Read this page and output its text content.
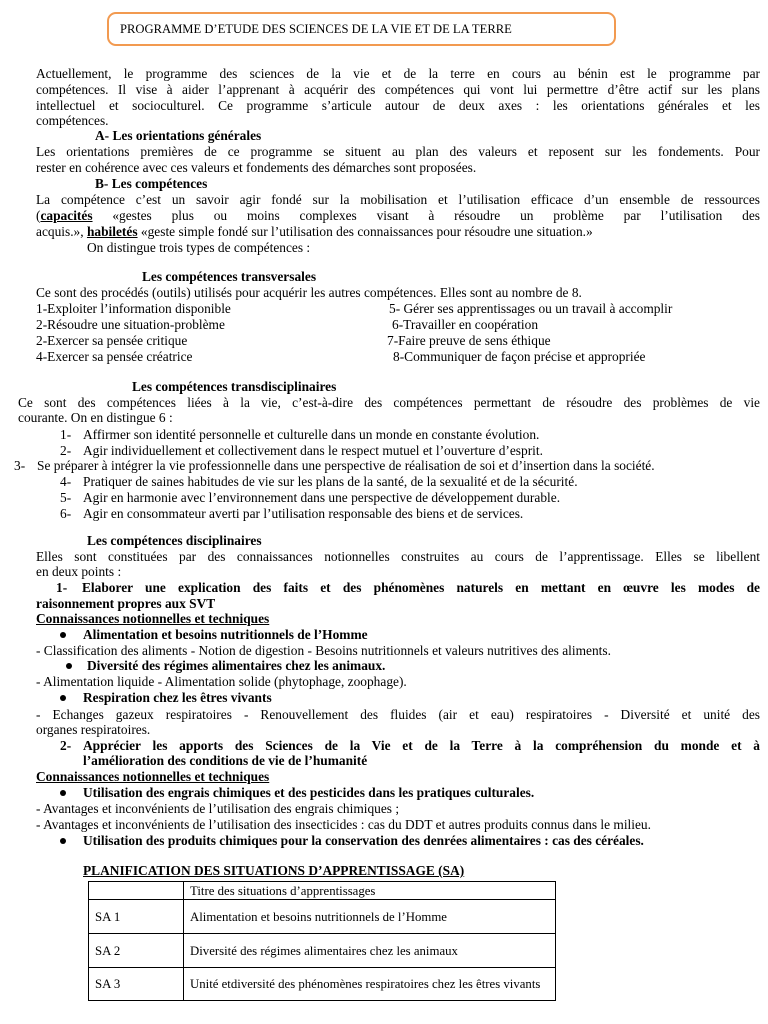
PROGRAMME D’ETUDE DES SCIENCES DE LA VIE ET DE LA TERRE
Actuellement, le programme des sciences de la vie et de la terre en cours au bénin est le programme par
compétences. Il vise à aider l’apprenant à acquérir des compétences qui vont lui permettre d’être actif sur les plans
intellectuel et socioculturel. Ce programme s’articule autour de deux axes : les orientations générales et les
compétences.
A- Les orientations générales
Les orientations premières de ce programme se situent au plan des valeurs et reposent sur les fondements. Pour
rester en cohérence avec ces valeurs et fondements des démarches sont proposées.
B- Les compétences
La compétence c’est un savoir agir fondé sur la mobilisation et l’utilisation efficace d’un ensemble de ressources
(capacités «gestes plus ou moins complexes visant à résoudre un problème par l’utilisation des
acquis.», habiletés «geste simple fondé sur l’utilisation des connaissances pour résoudre une situation.»
On distingue trois types de compétences :
Les compétences transversales
Ce sont des procédés (outils) utilisés pour acquérir les autres compétences. Elles sont au nombre de 8.
1-Exploiter l’information disponible
2-Résoudre une situation-problème
2-Exercer sa pensée critique
4-Exercer sa pensée créatrice
5- Gérer ses apprentissages ou un travail à accomplir
6-Travailler en coopération
7-Faire preuve de sens éthique
8-Communiquer de façon précise et appropriée
Les compétences transdisciplinaires
Ce sont des compétences liées à la vie, c’est-à-dire des compétences permettant de résoudre des problèmes de vie
courante. On en distingue 6 :
1- Affirmer son identité personnelle et culturelle dans un monde en constante évolution.
2- Agir individuellement et collectivement dans le respect mutuel et l’ouverture d’esprit.
3- Se préparer à intégrer la vie professionnelle dans une perspective de réalisation de soi et d’insertion dans la société.
4- Pratiquer de saines habitudes de vie sur les plans de la santé, de la sexualité et de la sécurité.
5- Agir en harmonie avec l’environnement dans une perspective de développement durable.
6- Agir en consommateur averti par l’utilisation responsable des biens et de services.
Les compétences disciplinaires
Elles sont constituées par des connaissances notionnelles construites au cours de l’apprentissage. Elles se libellent
en deux points :
1- Elaborer une explication des faits et des phénomènes naturels en mettant en œuvre les modes de
raisonnement propres aux SVT
Connaissances notionnelles et techniques
Alimentation et besoins nutritionnels de l’Homme
- Classification des aliments - Notion de digestion - Besoins nutritionnels et valeurs nutritives des aliments.
Diversité des régimes alimentaires chez les animaux.
- Alimentation liquide - Alimentation solide (phytophage, zoophage).
Respiration chez les êtres vivants
- Echanges gazeux respiratoires - Renouvellement des fluides (air et eau) respiratoires - Diversité et unité des
organes respiratoires.
2- Apprécier les apports des Sciences de la Vie et de la Terre à la compréhension du monde et à
l’amélioration des conditions de vie de l’humanité
Connaissances notionnelles et techniques
Utilisation des engrais chimiques et des pesticides dans les pratiques culturales.
- Avantages et inconvénients de l’utilisation des engrais chimiques ;
- Avantages et inconvénients de l’utilisation des insecticides : cas du DDT et autres produits connus dans le milieu.
Utilisation des produits chimiques pour la conservation des denrées alimentaires : cas des céréales.
PLANIFICATION DES SITUATIONS D’APPRENTISSAGE (SA)
	Titre des situations d’apprentissages
SA 1	Alimentation et besoins nutritionnels de l’Homme
SA 2	Diversité des régimes alimentaires chez les animaux
SA 3	Unité etdiversité des phénomènes respiratoires chez les êtres vivants
